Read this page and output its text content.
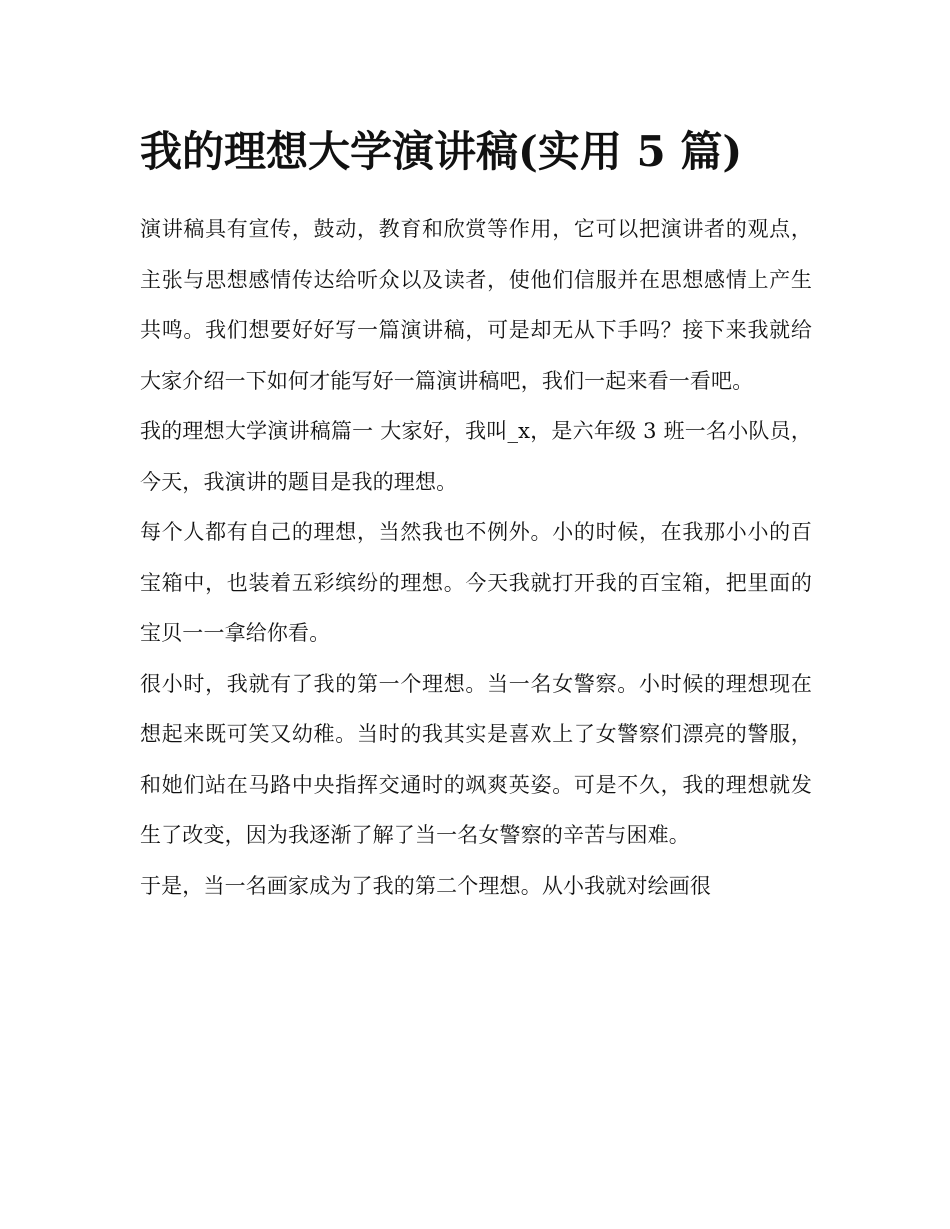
我的理想大学演讲稿(实用 5 篇)

演讲稿具有宣传，鼓动，教育和欣赏等作用，它可以把演讲者的观点，主张与思想感情传达给听众以及读者，使他们信服并在思想感情上产生共鸣。我们想要好好写一篇演讲稿，可是却无从下手吗？接下来我就给大家介绍一下如何才能写好一篇演讲稿吧，我们一起来看一看吧。

我的理想大学演讲稿篇一 大家好，我叫_x，是六年级 3 班一名小队员，今天，我演讲的题目是我的理想。

每个人都有自己的理想，当然我也不例外。小的时候，在我那小小的百宝箱中，也装着五彩缤纷的理想。今天我就打开我的百宝箱，把里面的宝贝一一拿给你看。

很小时，我就有了我的第一个理想。当一名女警察。小时候的理想现在想起来既可笑又幼稚。当时的我其实是喜欢上了女警察们漂亮的警服，和她们站在马路中央指挥交通时的飒爽英姿。可是不久，我的理想就发生了改变，因为我逐渐了解了当一名女警察的辛苦与困难。

于是，当一名画家成为了我的第二个理想。从小我就对绘画很
